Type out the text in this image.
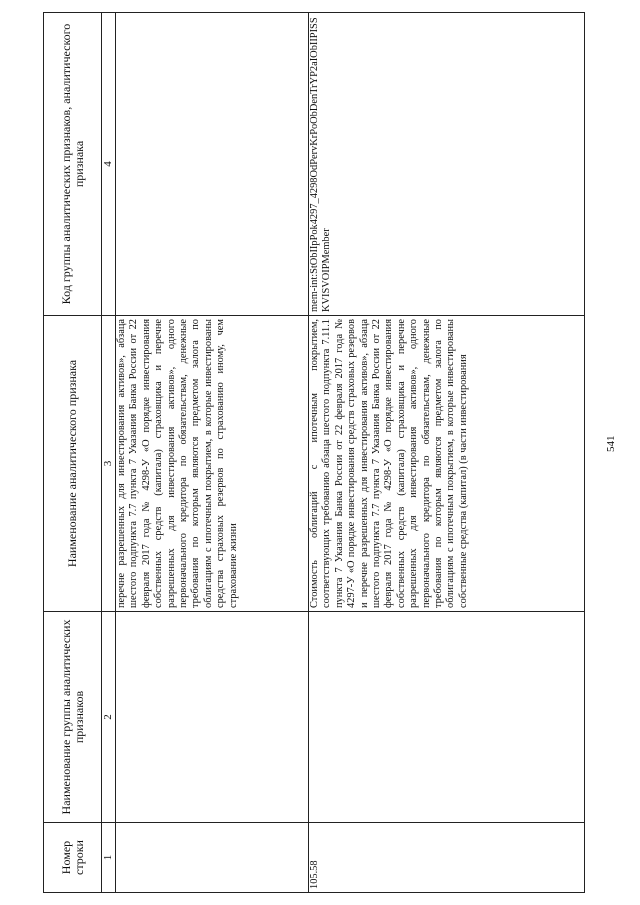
Номер строки	Наименование группы аналитических признаков	Наименование аналитического признака	Код группы аналитических признаков, аналитического признака
1	2	3	4
		перечне разрешенных для инвестирования активов», абзаца шестого подпункта 7.7 пункта 7 Указания Банка России от 22 февраля 2017 года № 4298-У «О порядке инвестирования собственных средств (капитала) страховщика и перечне разрешенных для инвестирования активов», одного первоначального кредитора по обязательствам, денежные требования по которым являются предметом залога по облигациям с ипотечным покрытием, в которые инвестированы средства страховых резервов по страхованию иному, чем страхование жизни	
105.58		Стоимость облигаций с ипотечным покрытием, соответствующих требованию абзаца шестого подпункта 7.11.1 пункта 7 Указания Банка России от 22 февраля 2017 года № 4297-У «О порядке инвестирования средств страховых резервов и перечне разрешенных для инвестирования активов», абзаца шестого подпункта 7.7 пункта 7 Указания Банка России от 22 февраля 2017 года № 4298-У «О порядке инвестирования собственных средств (капитала) страховщика и перечне разрешенных для инвестирования активов», одного первоначального кредитора по обязательствам, денежные требования по которым являются предметом залога по облигациям с ипотечным покрытием, в которые инвестированы собственные средства (капитал) (в части инвестирования	mem-int:StObIIpPok4297_4298OdPervKrPoObDenTrYP2aIObIIPISSKVISVOIPMember
541
